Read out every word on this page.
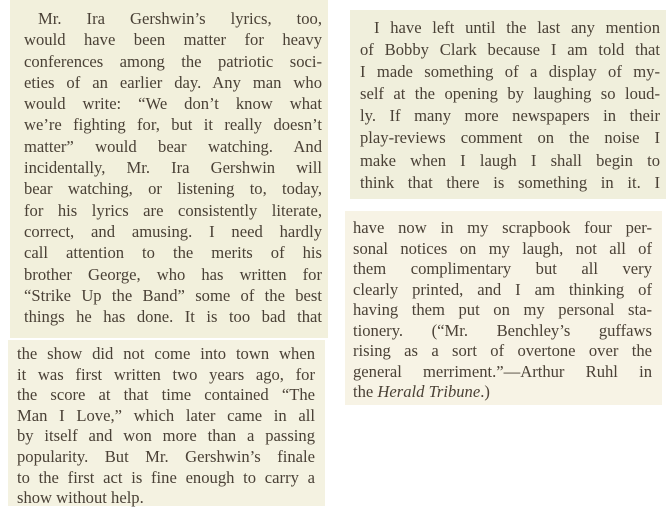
Mr. Ira Gershwin’s lyrics, too,
would have been matter for heavy
conferences among the patriotic soci-
eties of an earlier day. Any man who
would write: “We don’t know what
we’re fighting for, but it really doesn’t
matter” would bear watching. And
incidentally, Mr. Ira Gershwin will
bear watching, or listening to, today,
for his lyrics are consistently literate,
correct, and amusing. I need hardly
call attention to the merits of his
brother George, who has written for
“Strike Up the Band” some of the best
things he has done. It is too bad that
the show did not come into town when
it was first written two years ago, for
the score at that time contained “The
Man I Love,” which later came in all
by itself and won more than a passing
popularity. But Mr. Gershwin’s finale
to the first act is fine enough to carry a
show without help.
I have left until the last any mention
of Bobby Clark because I am told that
I made something of a display of my-
self at the opening by laughing so loud-
ly. If many more newspapers in their
play-reviews comment on the noise I
make when I laugh I shall begin to
think that there is something in it. I
have now in my scrapbook four per-
sonal notices on my laugh, not all of
them complimentary but all very
clearly printed, and I am thinking of
having them put on my personal sta-
tionery. (“Mr. Benchley’s guffaws
rising as a sort of overtone over the
general merriment.”—Arthur Ruhl in
the Herald Tribune.)
